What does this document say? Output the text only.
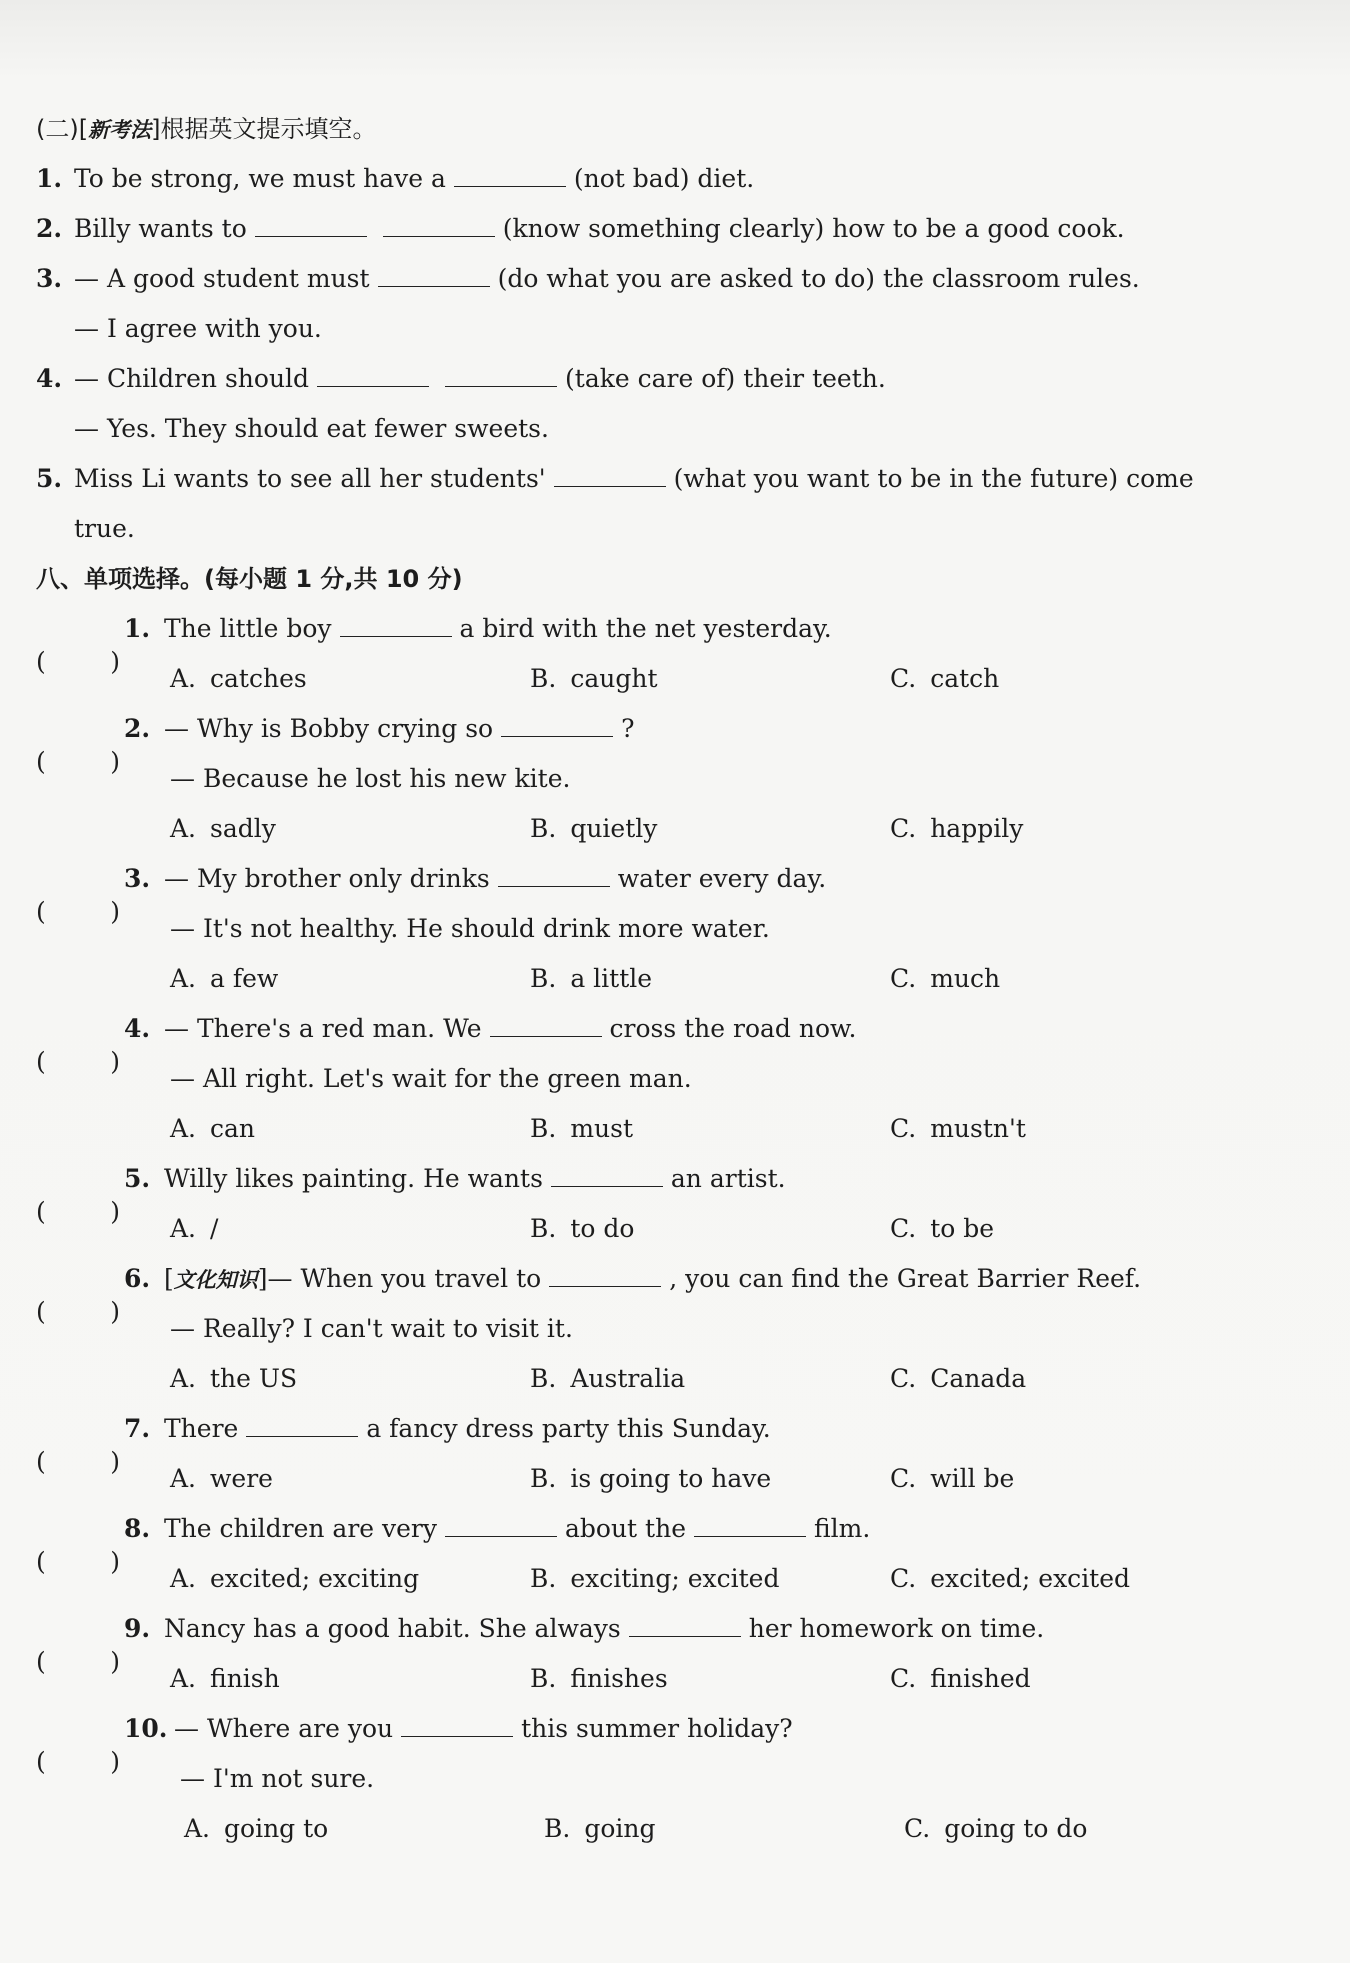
(二)[新考法]根据英文提示填空。
1. To be strong, we must have a	(not bad) diet.
2. Billy wants to	(know something clearly) how to be a good cook.
3. — A good student must	(do what you are asked to do) the classroom rules.
— I agree with you.
4. — Children should	(take care of) their teeth.
— Yes. They should eat fewer sweets.
5. Miss Li wants to see all her students'	(what you want to be in the future) come
true.
八、单项选择。(每小题 1 分,共 10 分)
(	)
1. The little boy	a bird with the net yesterday.
A. catches	B. caught	C. catch
(	)
2. — Why is Bobby crying so	?
— Because he lost his new kite.
A. sadly	B. quietly	C. happily
(	)
3. — My brother only drinks	water every day.
— It's not healthy. He should drink more water.
A. a few	B. a little	C. much
(	)
4. — There's a red man. We	cross the road now.
— All right. Let's wait for the green man.
A. can	B. must	C. mustn't
(	)
5. Willy likes painting. He wants	an artist.
A. /	B. to do	C. to be
(	)
6. [文化知识]— When you travel to	, you can find the Great Barrier Reef.
— Really? I can't wait to visit it.
A. the US	B. Australia	C. Canada
(	)
7. There	a fancy dress party this Sunday.
A. were	B. is going to have	C. will be
(	)
8. The children are very	about the	film.
A. excited; exciting	B. exciting; excited	C. excited; excited
(	)
9. Nancy has a good habit. She always	her homework on time.
A. finish	B. finishes	C. finished
(	)
10. — Where are you	this summer holiday?
— I'm not sure.
A. going to	B. going	C. going to do
